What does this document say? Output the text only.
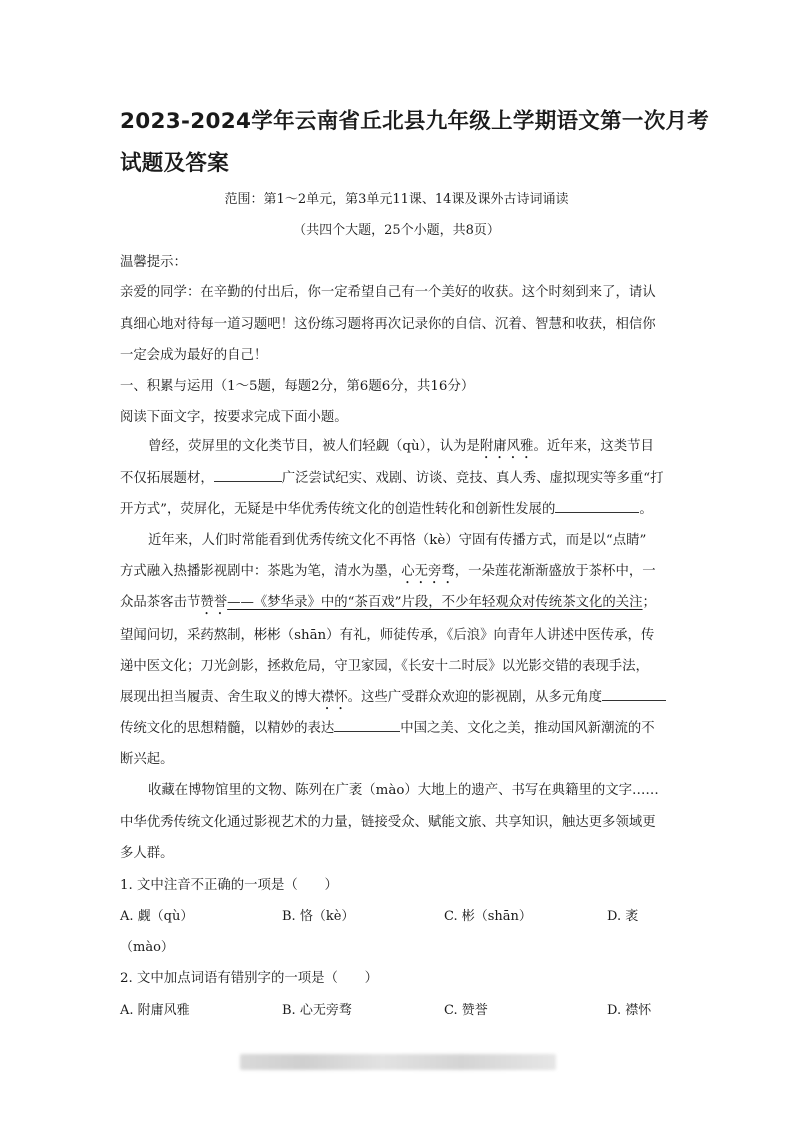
2023-2024学年云南省丘北县九年级上学期语文第一次月考
试题及答案
范围：第1～2单元，第3单元11课、14课及课外古诗词诵读
（共四个大题，25个小题，共8页）
温馨提示：
亲爱的同学：在辛勤的付出后，你一定希望自己有一个美好的收获。这个时刻到来了，请认
真细心地对待每一道习题吧！这份练习题将再次记录你的自信、沉着、智慧和收获，相信你
一定会成为最好的自己！
一、积累与运用（1～5题，每题2分，第6题6分，共16分）
阅读下面文字，按要求完成下面小题。
曾经，荧屏里的文化类节目，被人们轻觑（qù），认为是附庸风雅。近年来，这类节目
不仅拓展题材，	广泛尝试纪实、戏剧、访谈、竞技、真人秀、虚拟现实等多重“打
开方式”，荧屏化，无疑是中华优秀传统文化的创造性转化和创新性发展的	。
近年来，人们时常能看到优秀传统文化不再恪（kè）守固有传播方式，而是以“点睛”
方式融入热播影视剧中：茶匙为笔，清水为墨，心无旁骛，一朵莲花渐渐盛放于茶杯中，一
众品茶客击节赞誉——《梦华录》中的“茶百戏”片段，不少年轻观众对传统茶文化的关注；
望闻问切，采药熬制，彬彬（shān）有礼，师徒传承，《后浪》向青年人讲述中医传承，传
递中医文化；刀光剑影，拯救危局，守卫家园，《长安十二时辰》以光影交错的表现手法，
展现出担当履责、舍生取义的博大襟怀。这些广受群众欢迎的影视剧，从多元角度
传统文化的思想精髓，以精妙的表达	中国之美、文化之美，推动国风新潮流的不
断兴起。
收藏在博物馆里的文物、陈列在广袤（mào）大地上的遗产、书写在典籍里的文字……
中华优秀传统文化通过影视艺术的力量，链接受众、赋能文旅、共享知识，触达更多领域更
多人群。
1. 文中注音不正确的一项是（　　）
A. 觑（qù）	B. 恪（kè）	C. 彬（shān）	D. 袤
（mào）
2. 文中加点词语有错别字的一项是（　　）
A. 附庸风雅	B. 心无旁骛	C. 赞誉	D. 襟怀
